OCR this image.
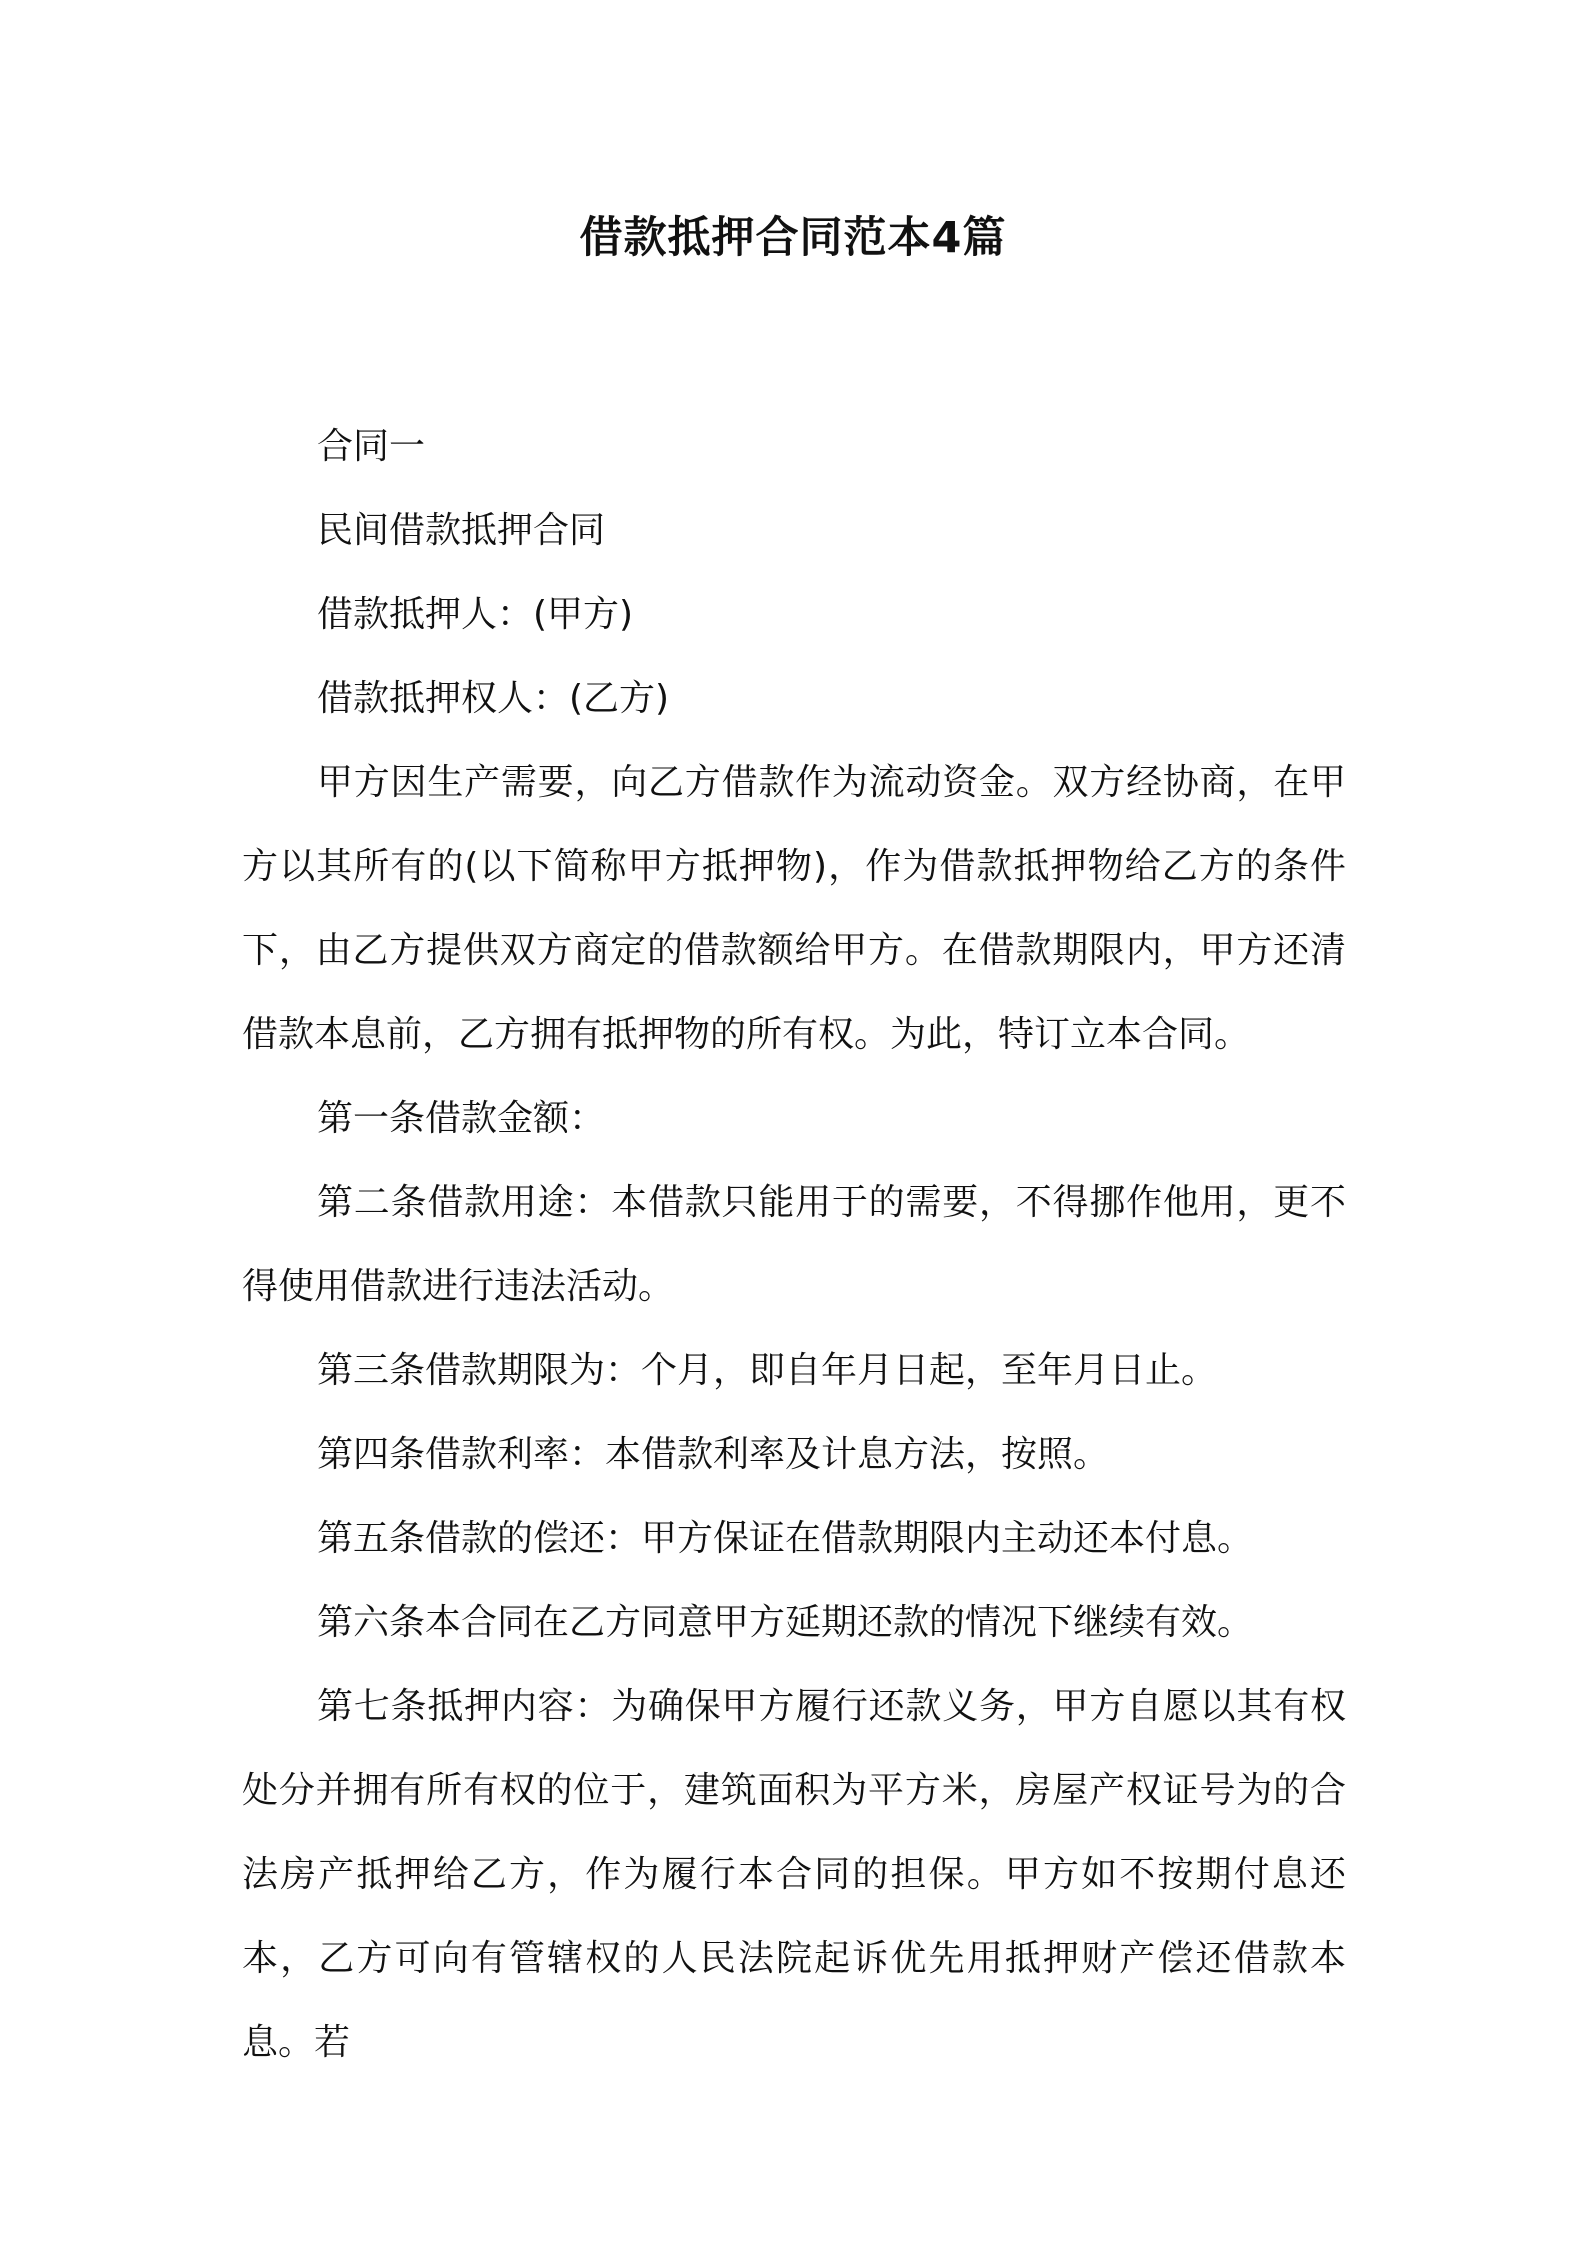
借款抵押合同范本4篇

合同一

民间借款抵押合同

借款抵押人：(甲方)

借款抵押权人：(乙方)

甲方因生产需要，向乙方借款作为流动资金。双方经协商，在甲方以其所有的(以下简称甲方抵押物)，作为借款抵押物给乙方的条件下，由乙方提供双方商定的借款额给甲方。在借款期限内，甲方还清借款本息前，乙方拥有抵押物的所有权。为此，特订立本合同。

第一条借款金额：

第二条借款用途：本借款只能用于的需要，不得挪作他用，更不得使用借款进行违法活动。

第三条借款期限为：个月，即自年月日起，至年月日止。

第四条借款利率：本借款利率及计息方法，按照。

第五条借款的偿还：甲方保证在借款期限内主动还本付息。

第六条本合同在乙方同意甲方延期还款的情况下继续有效。

第七条抵押内容：为确保甲方履行还款义务，甲方自愿以其有权处分并拥有所有权的位于，建筑面积为平方米，房屋产权证号为的合法房产抵押给乙方，作为履行本合同的担保。甲方如不按期付息还本，乙方可向有管辖权的人民法院起诉优先用抵押财产偿还借款本息。若
